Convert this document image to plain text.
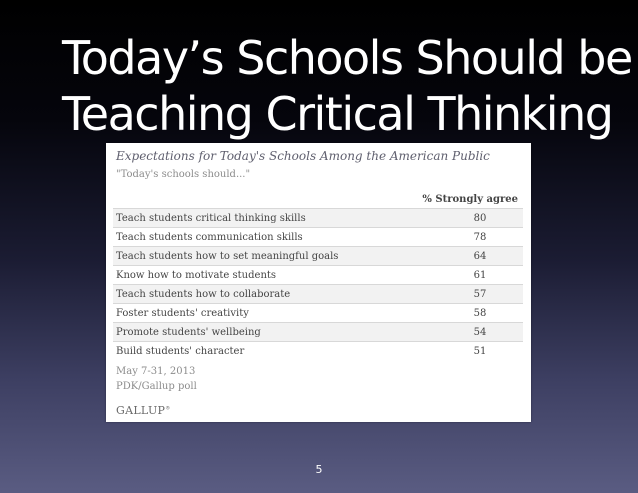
Today’s Schools Should be
Teaching Critical Thinking
Expectations for Today's Schools Among the American Public
"Today's schools should..."
% Strongly agree
Teach students critical thinking skills	80
Teach students communication skills	78
Teach students how to set meaningful goals	64
Know how to motivate students	61
Teach students how to collaborate	57
Foster students' creativity	58
Promote students' wellbeing	54
Build students' character	51
May 7-31, 2013
PDK/Gallup poll
GALLUP®
5
